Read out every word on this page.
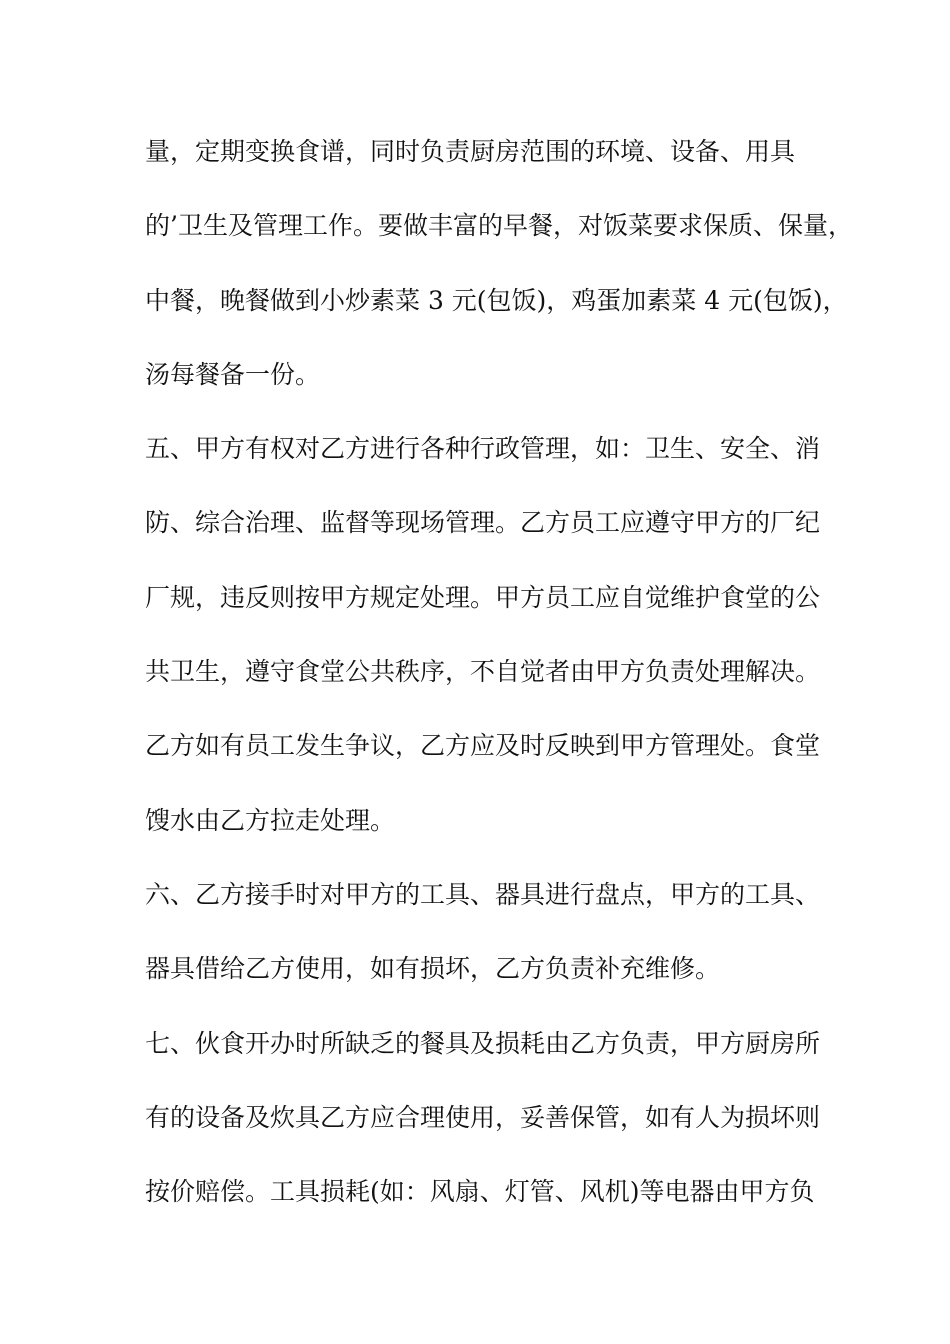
量，定期变换食谱，同时负责厨房范围的环境、设备、用具
的’卫生及管理工作。要做丰富的早餐，对饭菜要求保质、保量，
中餐，晚餐做到小炒素菜 3 元(包饭)，鸡蛋加素菜 4 元(包饭)，
汤每餐备一份。
五、甲方有权对乙方进行各种行政管理，如：卫生、安全、消
防、综合治理、监督等现场管理。乙方员工应遵守甲方的厂纪
厂规，违反则按甲方规定处理。甲方员工应自觉维护食堂的公
共卫生，遵守食堂公共秩序，不自觉者由甲方负责处理解决。
乙方如有员工发生争议，乙方应及时反映到甲方管理处。食堂
馊水由乙方拉走处理。
六、乙方接手时对甲方的工具、器具进行盘点，甲方的工具、
器具借给乙方使用，如有损坏，乙方负责补充维修。
七、伙食开办时所缺乏的餐具及损耗由乙方负责，甲方厨房所
有的设备及炊具乙方应合理使用，妥善保管，如有人为损坏则
按价赔偿。工具损耗(如：风扇、灯管、风机)等电器由甲方负
